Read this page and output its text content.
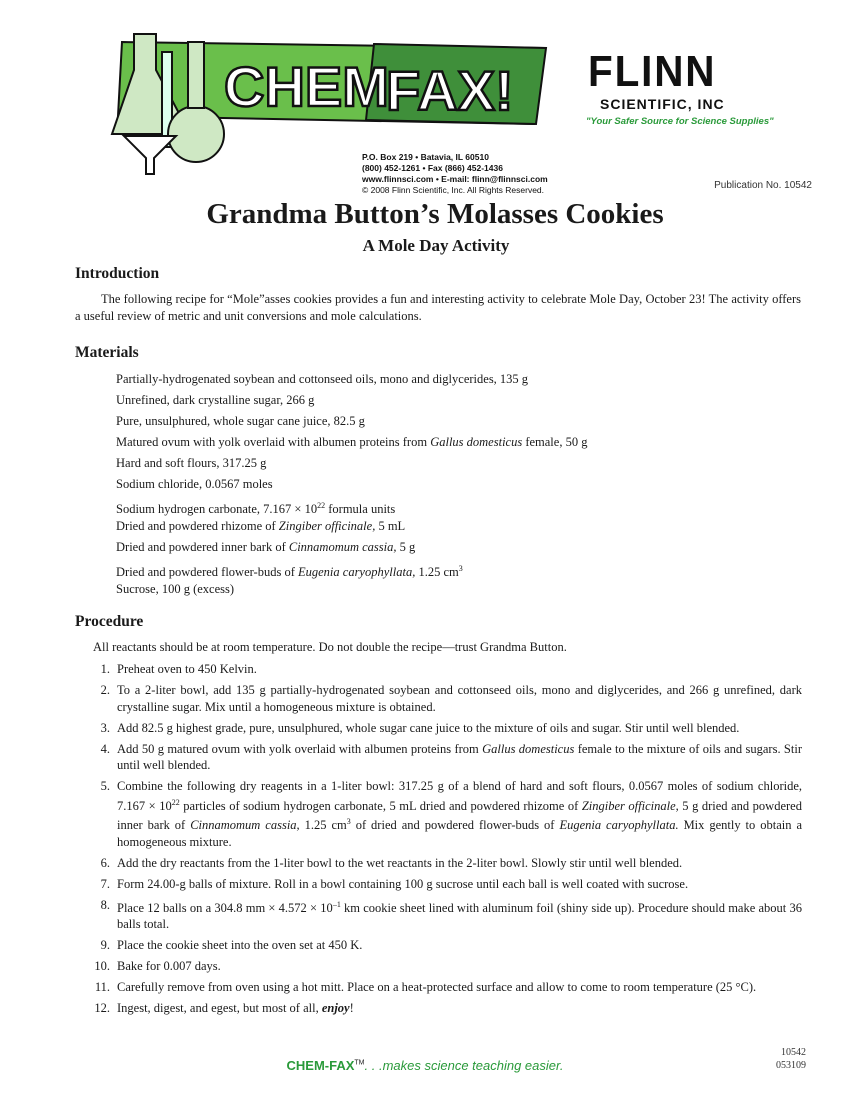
CHEM
FAX!
P.O. Box 219 • Batavia, IL 60510
(800) 452-1261 • Fax (866) 452-1436
www.flinnsci.com • E-mail: flinn@flinnsci.com
© 2008 Flinn Scientific, Inc. All Rights Reserved.
FLINN
SCIENTIFIC, INC
"Your Safer Source for Science Supplies"
Publication No. 10542
Grandma Button’s Molasses Cookies
A Mole Day Activity
Introduction
The following recipe for “Mole”asses cookies provides a fun and interesting activity to celebrate Mole Day, October 23! The activity offers a useful review of metric and unit conversions and mole calculations.
Materials
Partially-hydrogenated soybean and cottonseed oils, mono and diglycerides, 135 g
Unrefined, dark crystalline sugar, 266 g
Pure, unsulphured, whole sugar cane juice, 82.5 g
Matured ovum with yolk overlaid with albumen proteins from Gallus domesticus female, 50 g
Hard and soft flours, 317.25 g
Sodium chloride, 0.0567 moles
Sodium hydrogen carbonate, $7.167 \times 10^{22}$ formula units
Dried and powdered rhizome of Zingiber officinale, 5 mL
Dried and powdered inner bark of Cinnamomum cassia, 5 g
Dried and powdered flower-buds of Eugenia caryophyllata, 1.25 $cm^3$
Sucrose, 100 g (excess)
Procedure
All reactants should be at room temperature. Do not double the recipe—trust Grandma Button.
1. Preheat oven to 450 Kelvin.
2. To a 2-liter bowl, add 135 g partially-hydrogenated soybean and cottonseed oils, mono and diglycerides, and 266 g unrefined, dark crystalline sugar. Mix until a homogeneous mixture is obtained.
3. Add 82.5 g highest grade, pure, unsulphured, whole sugar cane juice to the mixture of oils and sugar. Stir until well blended.
4. Add 50 g matured ovum with yolk overlaid with albumen proteins from Gallus domesticus female to the mixture of oils and sugars. Stir until well blended.
5. Combine the following dry reagents in a 1-liter bowl: 317.25 g of a blend of hard and soft flours, 0.0567 moles of sodium chloride, $7.167 \times 10^{22}$ particles of sodium hydrogen carbonate, 5 mL dried and powdered rhizome of Zingiber officinale, 5 g dried and powdered inner bark of Cinnamomum cassia, 1.25 $cm^3$ of dried and powdered flower-buds of Eugenia caryophyllata. Mix gently to obtain a homogeneous mixture.
6. Add the dry reactants from the 1-liter bowl to the wet reactants in the 2-liter bowl. Slowly stir until well blended.
7. Form 24.00-g balls of mixture. Roll in a bowl containing 100 g sucrose until each ball is well coated with sucrose.
8. Place 12 balls on a 304.8 mm × $4.572 \times 10^{-1}$ km cookie sheet lined with aluminum foil (shiny side up). Procedure should make about 36 balls total.
9. Place the cookie sheet into the oven set at 450 K.
10. Bake for 0.007 days.
11. Carefully remove from oven using a hot mitt. Place on a heat-protected surface and allow to come to room temperature (25 °C).
12. Ingest, digest, and egest, but most of all, enjoy!
10542
053109
CHEM-FAX™. . .makes science teaching easier.
